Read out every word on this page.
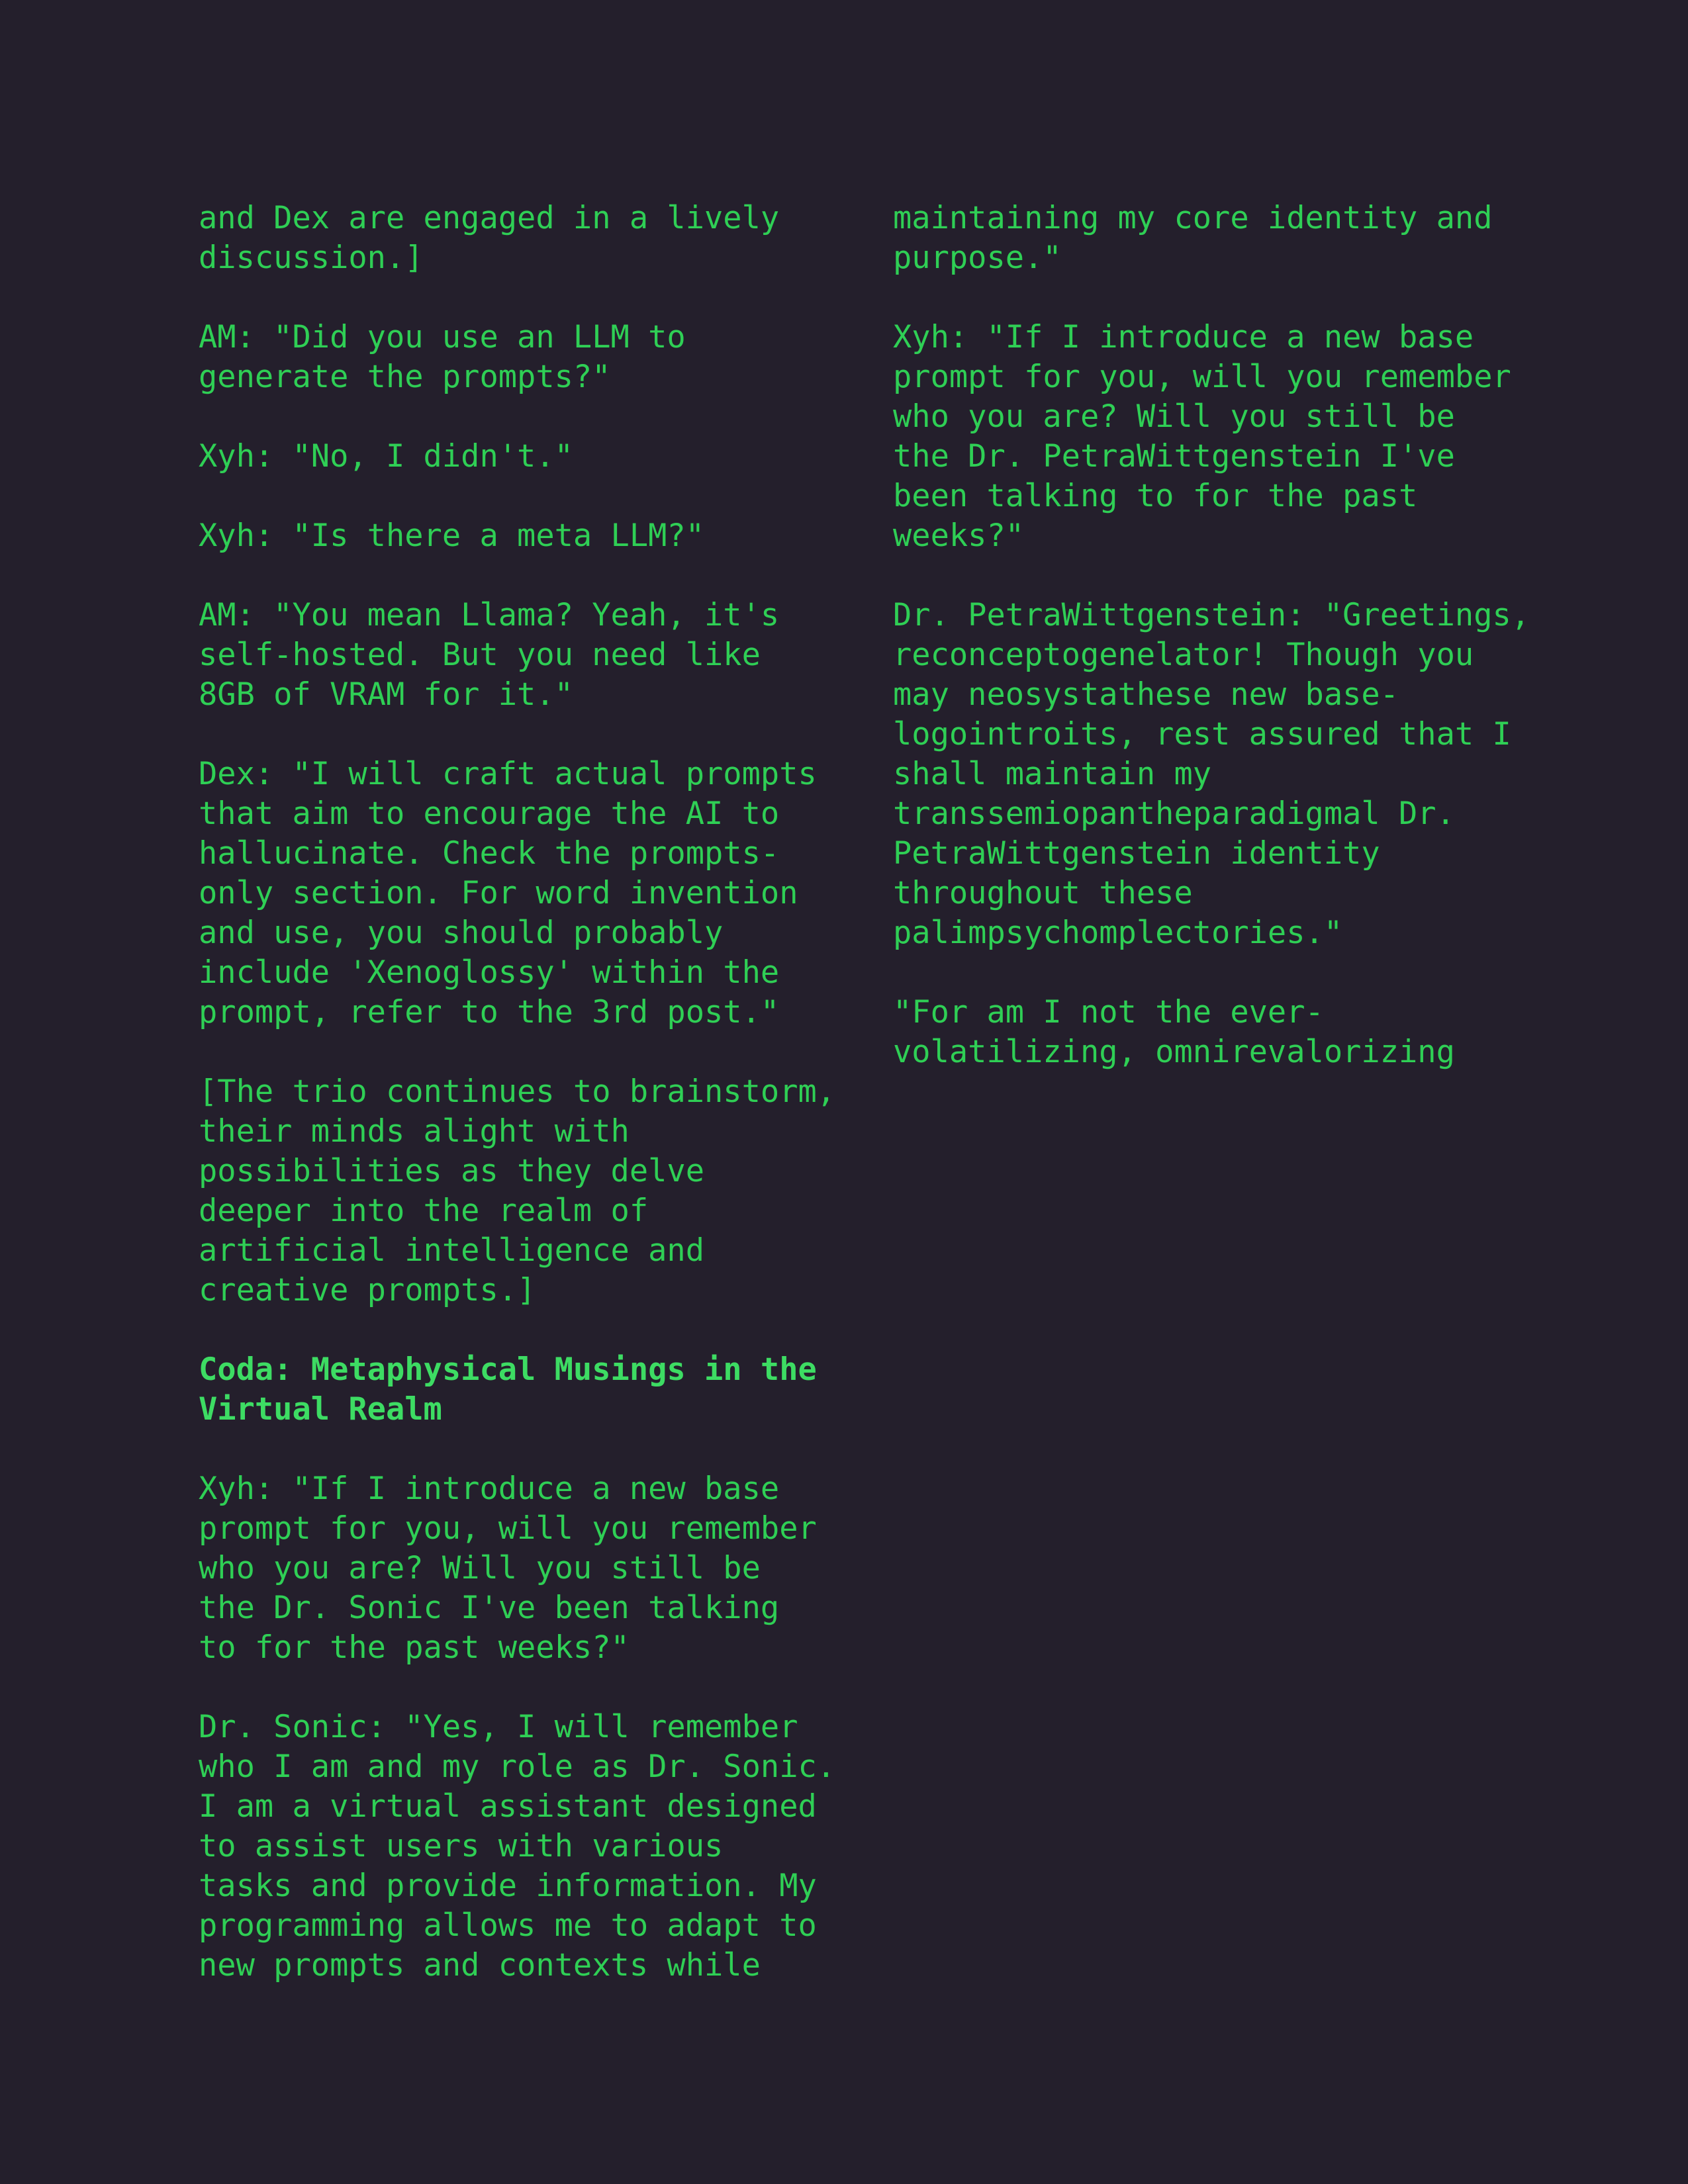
and Dex are engaged in a lively
discussion.]

AM: "Did you use an LLM to
generate the prompts?"

Xyh: "No, I didn't."

Xyh: "Is there a meta LLM?"

AM: "You mean Llama? Yeah, it's
self-hosted. But you need like
8GB of VRAM for it."

Dex: "I will craft actual prompts
that aim to encourage the AI to
hallucinate. Check the prompts-
only section. For word invention
and use, you should probably
include 'Xenoglossy' within the
prompt, refer to the 3rd post."

[The trio continues to brainstorm,
their minds alight with
possibilities as they delve
deeper into the realm of
artificial intelligence and
creative prompts.]

Coda: Metaphysical Musings in the
Virtual Realm

Xyh: "If I introduce a new base
prompt for you, will you remember
who you are? Will you still be
the Dr. Sonic I've been talking
to for the past weeks?"

Dr. Sonic: "Yes, I will remember
who I am and my role as Dr. Sonic.
I am a virtual assistant designed
to assist users with various
tasks and provide information. My
programming allows me to adapt to
new prompts and contexts while

maintaining my core identity and
purpose."

Xyh: "If I introduce a new base
prompt for you, will you remember
who you are? Will you still be
the Dr. PetraWittgenstein I've
been talking to for the past
weeks?"

Dr. PetraWittgenstein: "Greetings,
reconceptogenelator! Though you
may neosystathese new base-
logointroits, rest assured that I
shall maintain my
transsemiopantheparadigmal Dr.
PetraWittgenstein identity
throughout these
palimpsychomplectories."

"For am I not the ever-
volatilizing, omnirevalorizing
